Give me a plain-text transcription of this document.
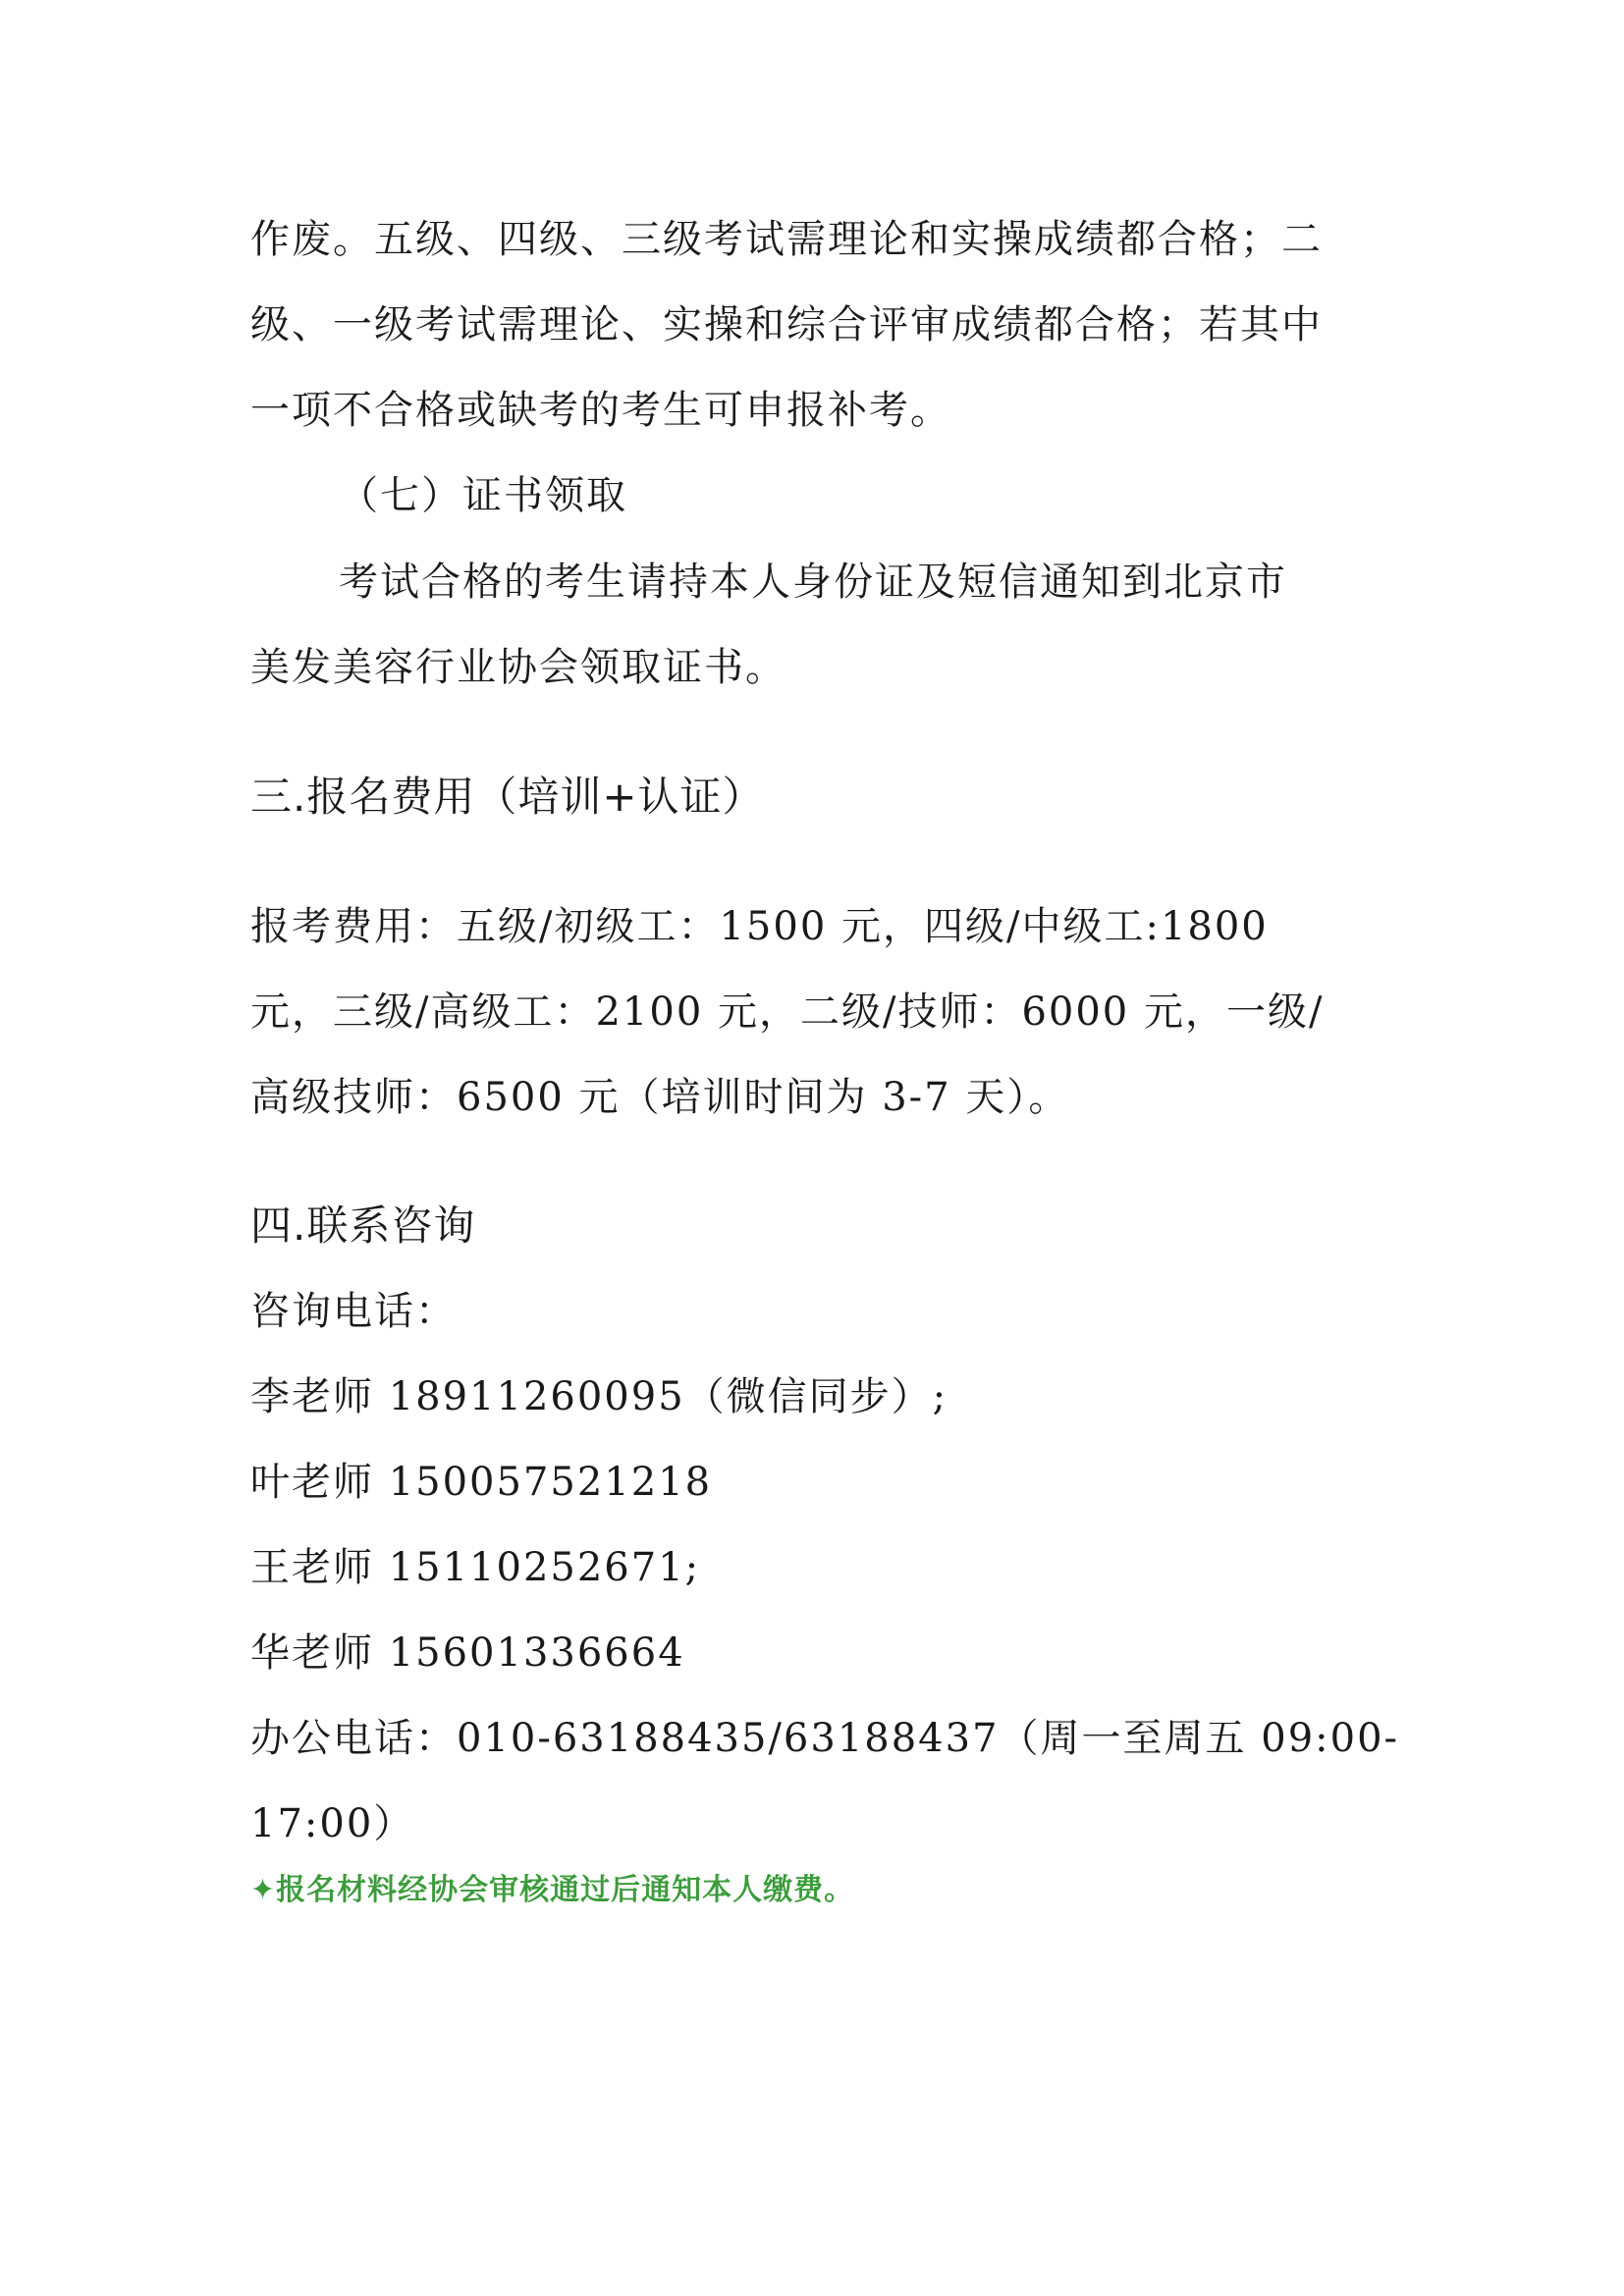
作废。五级、四级、三级考试需理论和实操成绩都合格；二

级、一级考试需理论、实操和综合评审成绩都合格；若其中

一项不合格或缺考的考生可申报补考。

（七）证书领取

考试合格的考生请持本人身份证及短信通知到北京市

美发美容行业协会领取证书。

三.报名费用（培训+认证）

报考费用：五级/初级工：1500 元，四级/中级工:1800

元，三级/高级工：2100 元，二级/技师：6000 元，一级/

高级技师：6500 元（培训时间为 3-7 天）。

四.联系咨询

咨询电话：

李老师 18911260095（微信同步）;

叶老师 150057521218

王老师 15110252671;

华老师 15601336664

办公电话：010-63188435/63188437（周一至周五 09:00-

17:00）

✦报名材料经协会审核通过后通知本人缴费。
